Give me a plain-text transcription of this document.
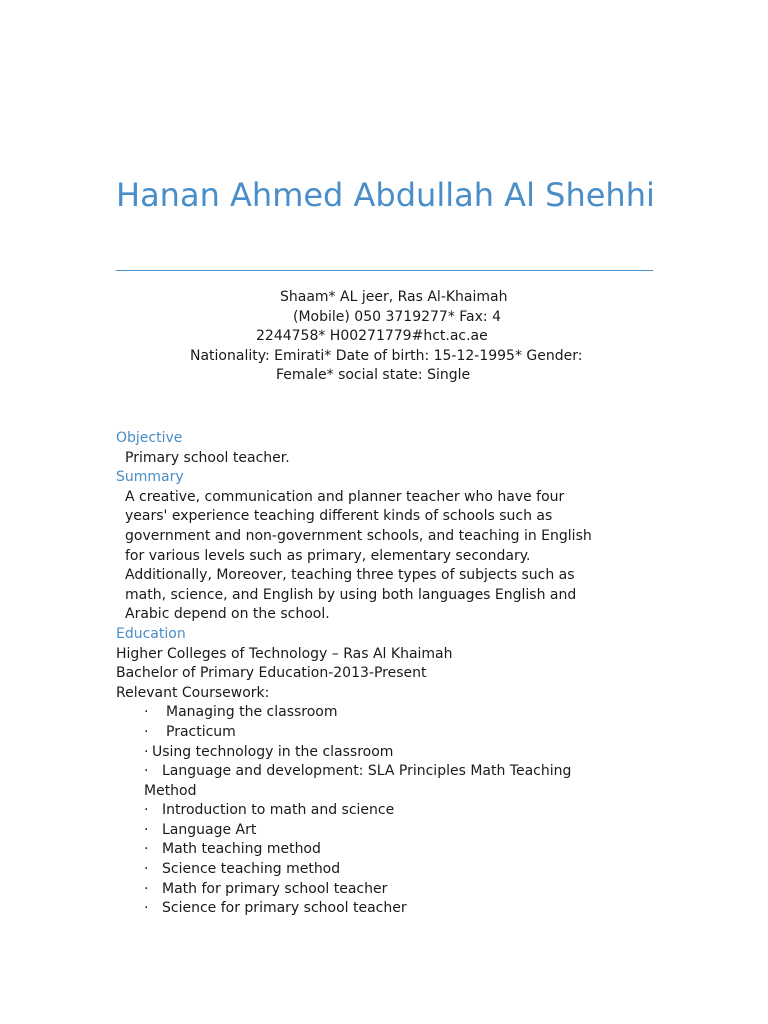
Hanan Ahmed Abdullah Al Shehhi
Shaam* AL jeer, Ras Al-Khaimah
(Mobile) 050 3719277* Fax: 4
2244758* H00271779#hct.ac.ae
Nationality: Emirati* Date of birth: 15-12-1995* Gender:
Female* social state: Single
Objective

Primary school teacher.

Summary
A creative, communication and planner teacher who have four
years' experience teaching different kinds of schools such as
government and non-government schools, and teaching in English
for various levels such as primary, elementary secondary.
Additionally, Moreover, teaching three types of subjects such as
math, science, and English by using both languages English and
Arabic depend on the school.
Education

Higher Colleges of Technology – Ras Al Khaimah

Bachelor of Primary Education-2013-Present

Relevant Coursework:

· Managing the classroom
· Practicum
· Using technology in the classroom
· Language and development: SLA Principles Math Teaching
Method
· Introduction to math and science
· Language Art
· Math teaching method
· Science teaching method
· Math for primary school teacher
· Science for primary school teacher
